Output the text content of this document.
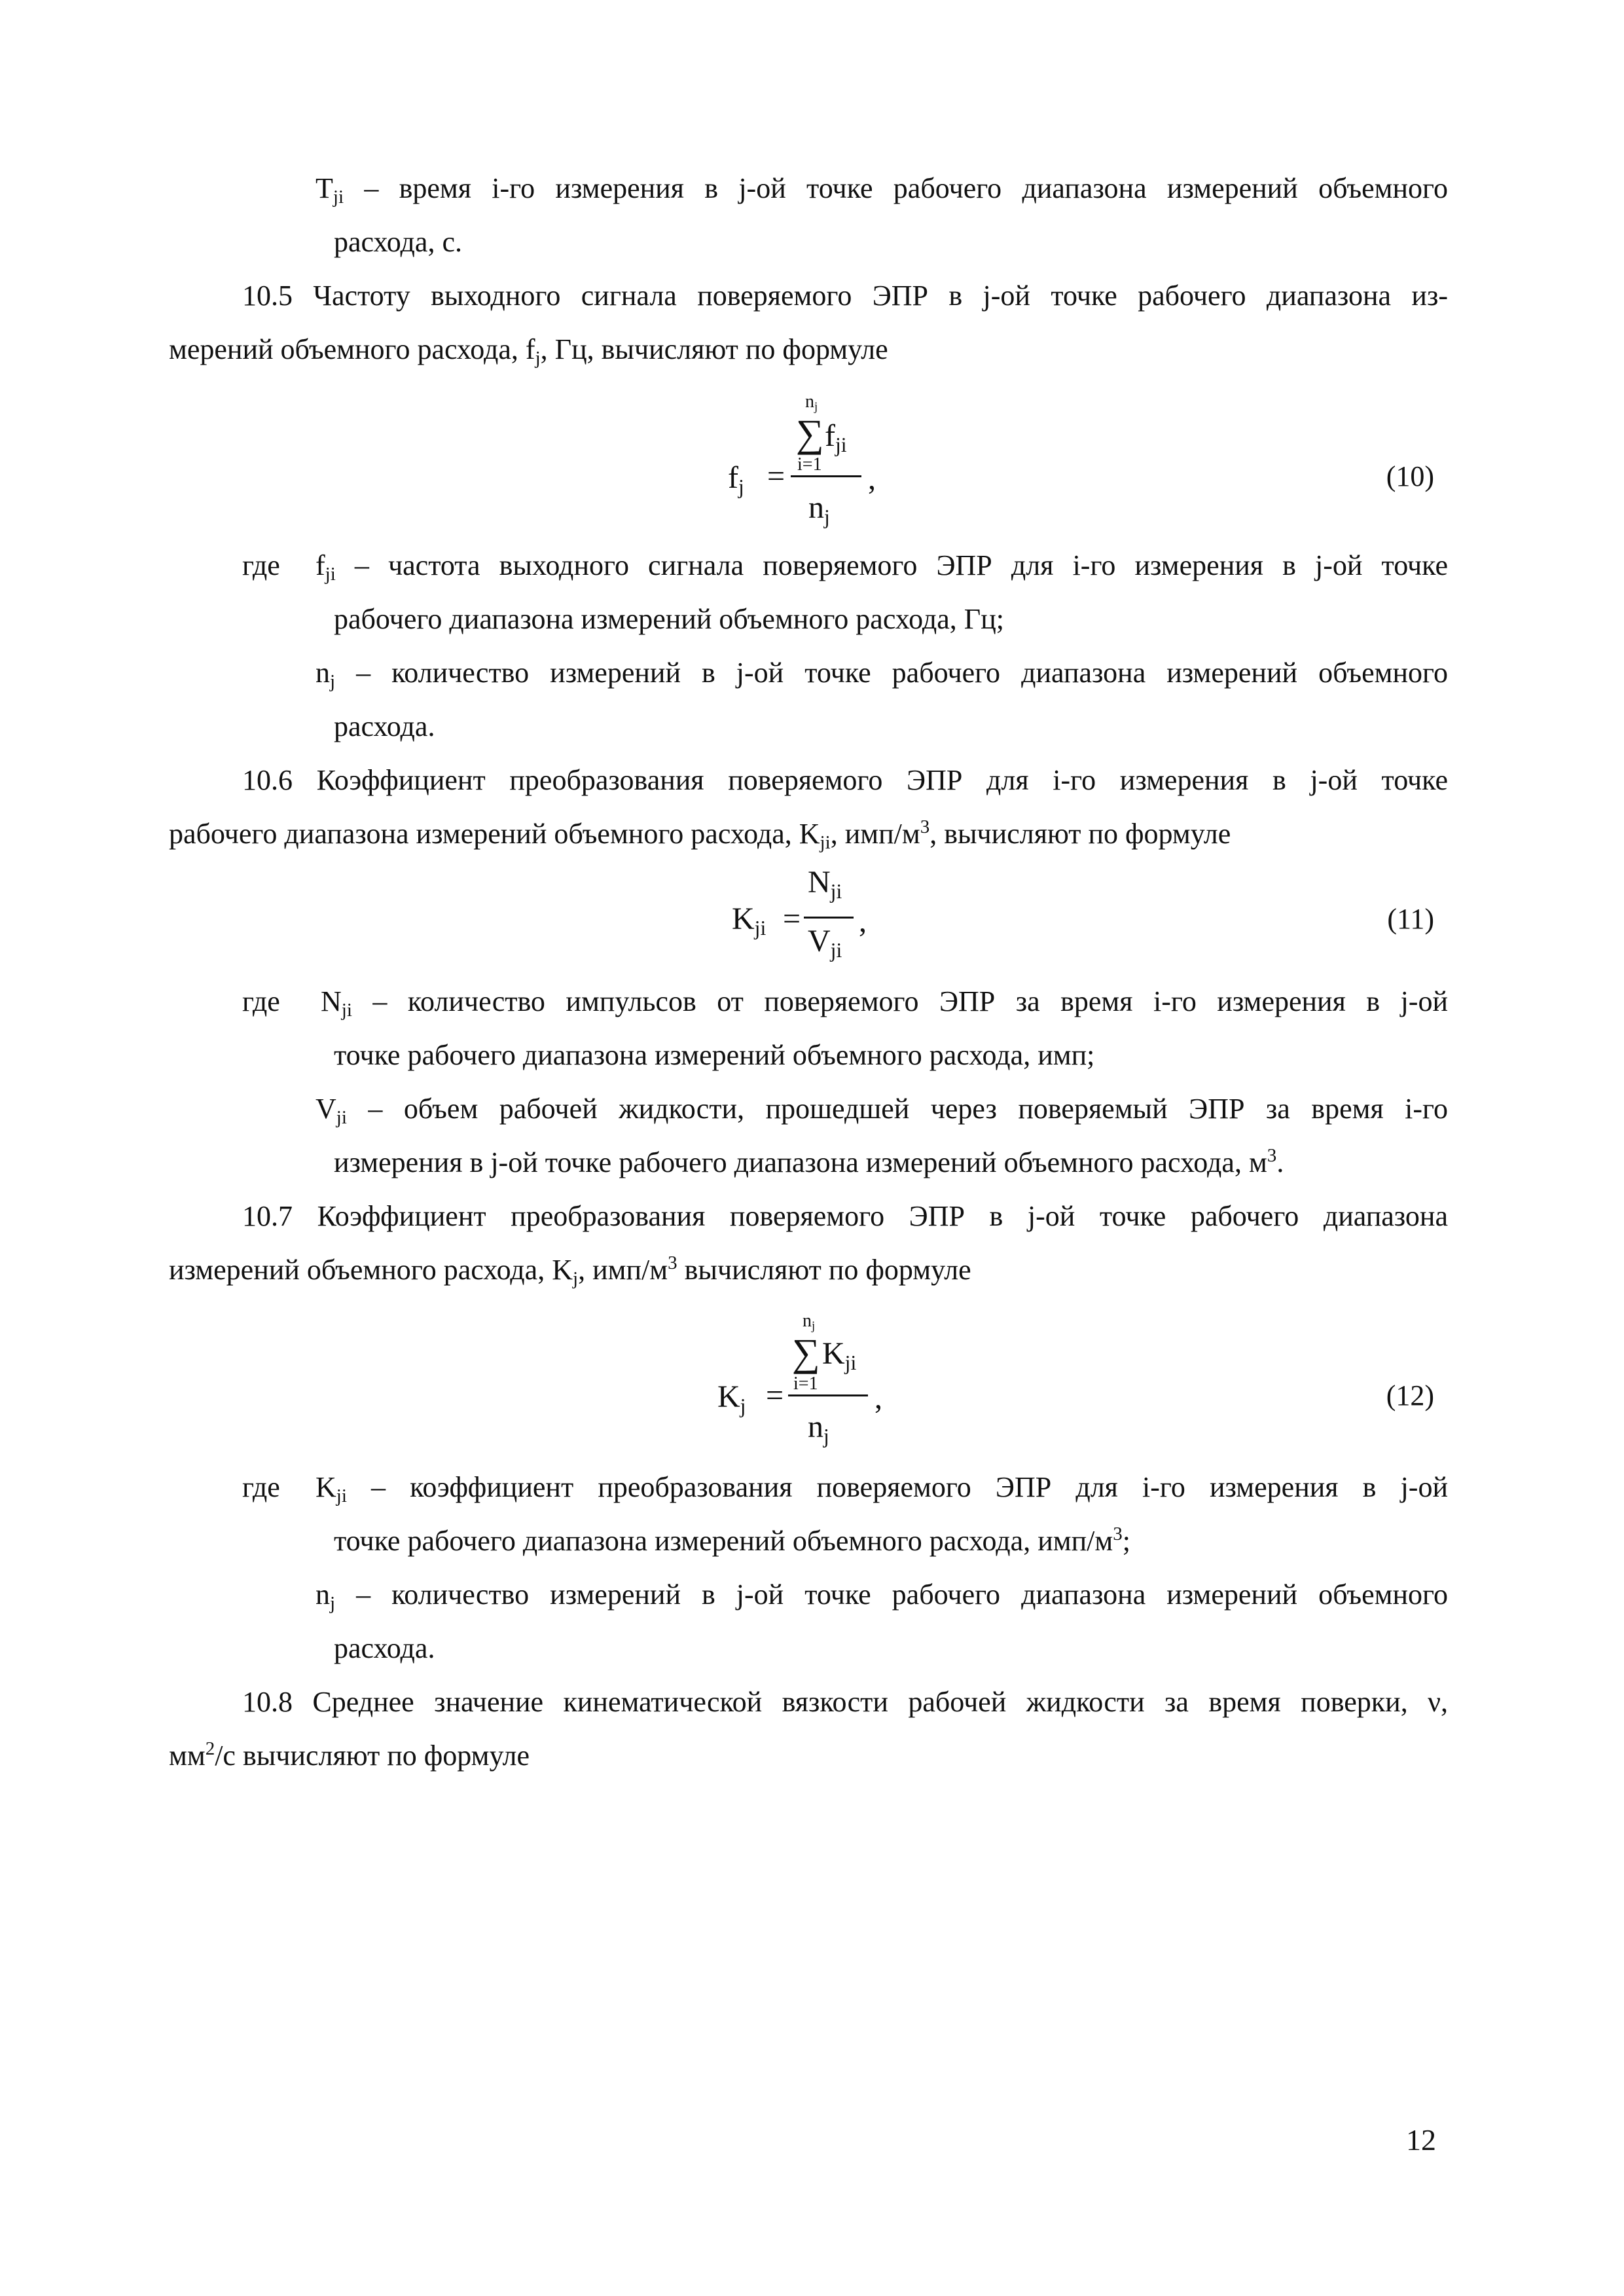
$T_{ji}$ – время i-го измерения в j-ой точке рабочего диапазона измерений объемного
расхода, с.
10.5 Частоту выходного сигнала поверяемого ЭПР в j-ой точке рабочего диапазона из-
мерений объемного расхода, $f_j$, Гц, вычисляют по формуле
$f_j$ =
$n_j$
∑ $f_{ji}$
i=1
$n_j$
,	(10)
где $f_{ji}$ – частота выходного сигнала поверяемого ЭПР для i-го измерения в j-ой точке
рабочего диапазона измерений объемного расхода, Гц;
$n_j$ – количество измерений в j-ой точке рабочего диапазона измерений объемного
расхода.
10.6 Коэффициент преобразования поверяемого ЭПР для i-го измерения в j-ой точке
рабочего диапазона измерений объемного расхода, $K_{ji}$, имп/$м^3$, вычисляют по формуле
$K_{ji}$ =
$N_{ji}$
$V_{ji}$
,	(11)
где $N_{ji}$ – количество импульсов от поверяемого ЭПР за время i-го измерения в j-ой
точке рабочего диапазона измерений объемного расхода, имп;
$V_{ji}$ – объем рабочей жидкости, прошедшей через поверяемый ЭПР за время i-го
измерения в j-ой точке рабочего диапазона измерений объемного расхода, $м^3$.
10.7 Коэффициент преобразования поверяемого ЭПР в j-ой точке рабочего диапазона
измерений объемного расхода, $K_j$, имп/$м^3$ вычисляют по формуле
$K_j$ =
$n_j$
∑ $K_{ji}$
i=1
$n_j$
,	(12)
где $K_{ji}$ – коэффициент преобразования поверяемого ЭПР для i-го измерения в j-ой
точке рабочего диапазона измерений объемного расхода, имп/$м^3$;
$n_j$ – количество измерений в j-ой точке рабочего диапазона измерений объемного
расхода.
10.8 Среднее значение кинематической вязкости рабочей жидкости за время поверки, ν,
$мм^2/с$ вычисляют по формуле
12
